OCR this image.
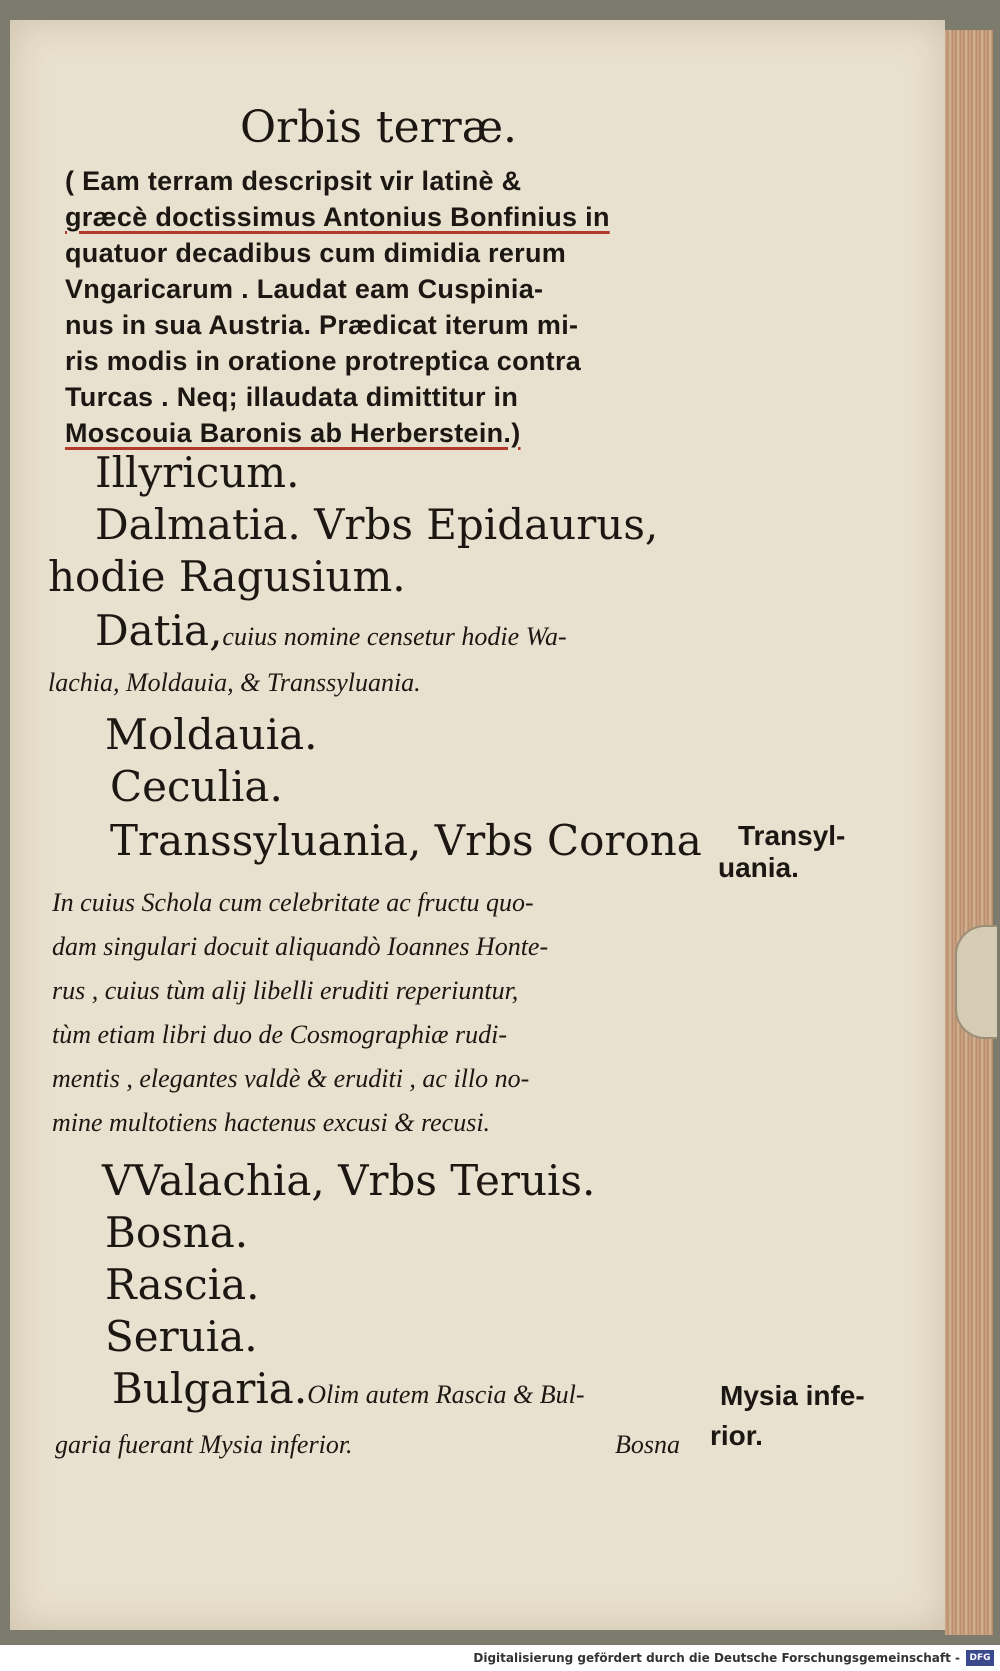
Orbis terræ.
( Eam terram descripsit vir latinè &
græcè doctissimus Antonius Bonfinius in
quatuor decadibus cum dimidia rerum
Vngaricarum . Laudat eam Cuspinia-
nus in sua Austria. Prædicat iterum mi-
ris modis in oratione protreptica contra
Turcas . Neq; illaudata dimittitur in
Moscouia Baronis ab Herberstein.)
Illyricum.
Dalmatia. Vrbs Epidaurus,
hodie Ragusium.
Datia,cuius nomine censetur hodie Wa-
lachia, Moldauia, & Transsyluania.
Moldauia.
Ceculia.
Transsyluania, Vrbs Corona
In cuius Schola cum celebritate ac fructu quo-
dam singulari docuit aliquandò Ioannes Honte-
rus , cuius tùm alij libelli eruditi reperiuntur,
tùm etiam libri duo de Cosmographiæ rudi-
mentis , elegantes valdè & eruditi , ac illo no-
mine multotiens hactenus excusi & recusi.
VValachia, Vrbs Teruis.
Bosna.
Rascia.
Seruia.
Bulgaria.Olim autem Rascia & Bul-
garia fuerant Mysia inferior.	Bosna
Transyl-
uania.
Mysia infe-
rior.
Digitalisierung gefördert durch die Deutsche Forschungsgemeinschaft -	DFG
